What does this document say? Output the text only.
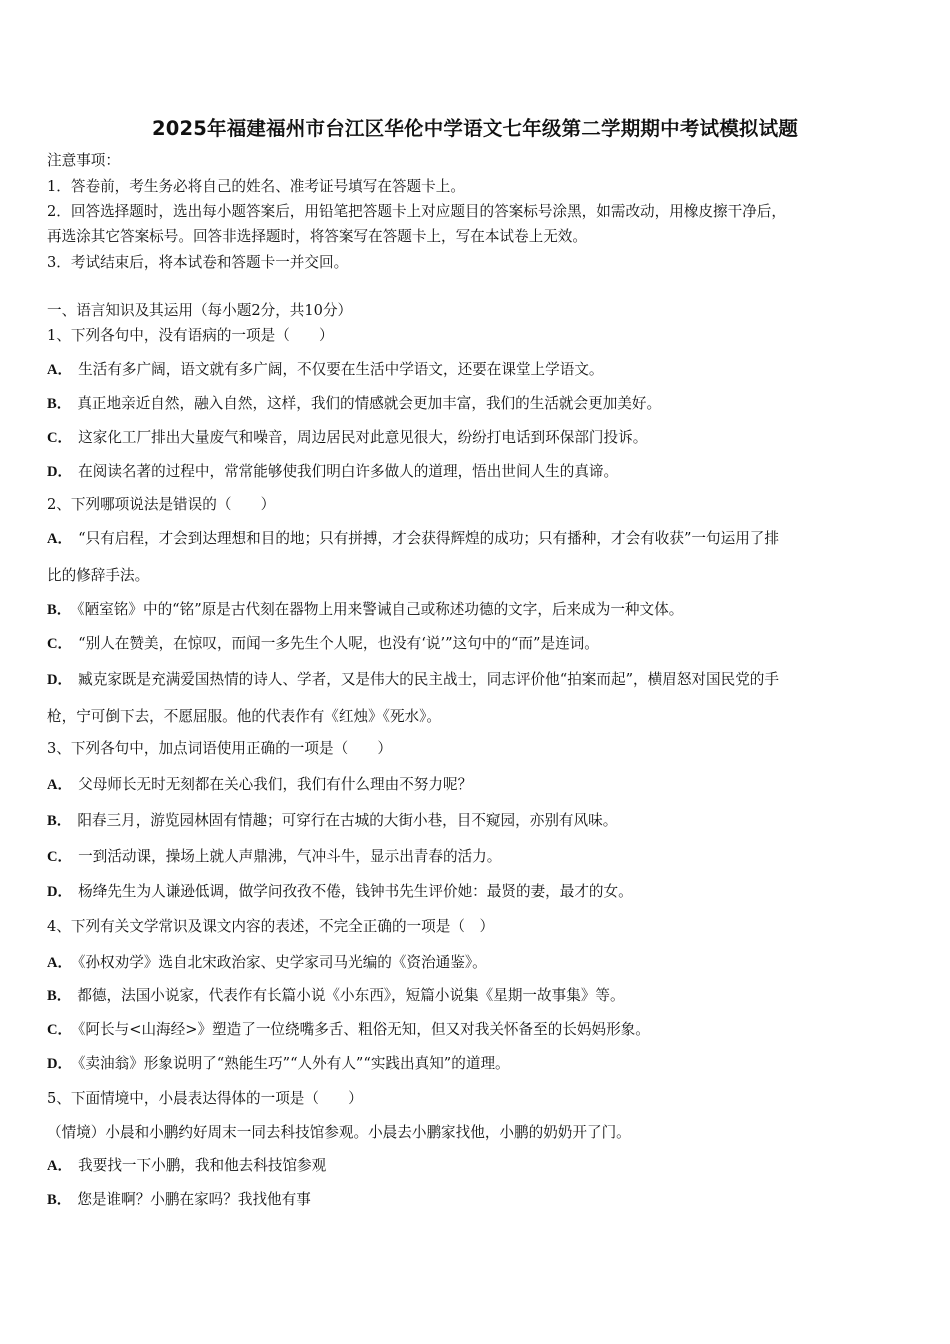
2025年福建福州市台江区华伦中学语文七年级第二学期期中考试模拟试题
注意事项：
1．答卷前，考生务必将自己的姓名、准考证号填写在答题卡上。
2．回答选择题时，选出每小题答案后，用铅笔把答题卡上对应题目的答案标号涂黑，如需改动，用橡皮擦干净后，
再选涂其它答案标号。回答非选择题时，将答案写在答题卡上，写在本试卷上无效。
3．考试结束后，将本试卷和答题卡一并交回。
一、语言知识及其运用（每小题2分，共10分）
1、下列各句中，没有语病的一项是（　　）
A． 生活有多广阔，语文就有多广阔，不仅要在生活中学语文，还要在课堂上学语文。
B． 真正地亲近自然，融入自然，这样，我们的情感就会更加丰富，我们的生活就会更加美好。
C． 这家化工厂排出大量废气和噪音，周边居民对此意见很大，纷纷打电话到环保部门投诉。
D． 在阅读名著的过程中，常常能够使我们明白许多做人的道理，悟出世间人生的真谛。
2、下列哪项说法是错误的（　　）
A． “只有启程，才会到达理想和目的地；只有拼搏，才会获得辉煌的成功；只有播种，才会有收获”一句运用了排
比的修辞手法。
B． 《陋室铭》中的“铭”原是古代刻在器物上用来警诫自己或称述功德的文字，后来成为一种文体。
C． “别人在赞美，在惊叹，而闻一多先生个人呢，也没有‘说’”这句中的“而”是连词。
D． 臧克家既是充满爱国热情的诗人、学者，又是伟大的民主战士，同志评价他“拍案而起”，横眉怒对国民党的手
枪，宁可倒下去，不愿屈服。他的代表作有《红烛》《死水》。
3、下列各句中，加点词语使用正确的一项是（　　）
A． 父母师长无时无刻都在关心我们，我们有什么理由不努力呢？
B． 阳春三月，游览园林固有情趣；可穿行在古城的大街小巷，目不窥园，亦别有风味。
C． 一到活动课，操场上就人声鼎沸，气冲斗牛，显示出青春的活力。
D． 杨绛先生为人谦逊低调，做学问孜孜不倦，钱钟书先生评价她：最贤的妻，最才的女。
4、下列有关文学常识及课文内容的表述，不完全正确的一项是（　）
A． 《孙权劝学》选自北宋政治家、史学家司马光编的《资治通鉴》。
B． 都德，法国小说家，代表作有长篇小说《小东西》，短篇小说集《星期一故事集》等。
C． 《阿长与<山海经>》塑造了一位绕嘴多舌、粗俗无知，但又对我关怀备至的长妈妈形象。
D． 《卖油翁》形象说明了“熟能生巧”“人外有人”“实践出真知”的道理。
5、下面情境中，小晨表达得体的一项是（　　）
（情境）小晨和小鹏约好周末一同去科技馆参观。小晨去小鹏家找他，小鹏的奶奶开了门。
A． 我要找一下小鹏，我和他去科技馆参观
B． 您是谁啊？小鹏在家吗？我找他有事
